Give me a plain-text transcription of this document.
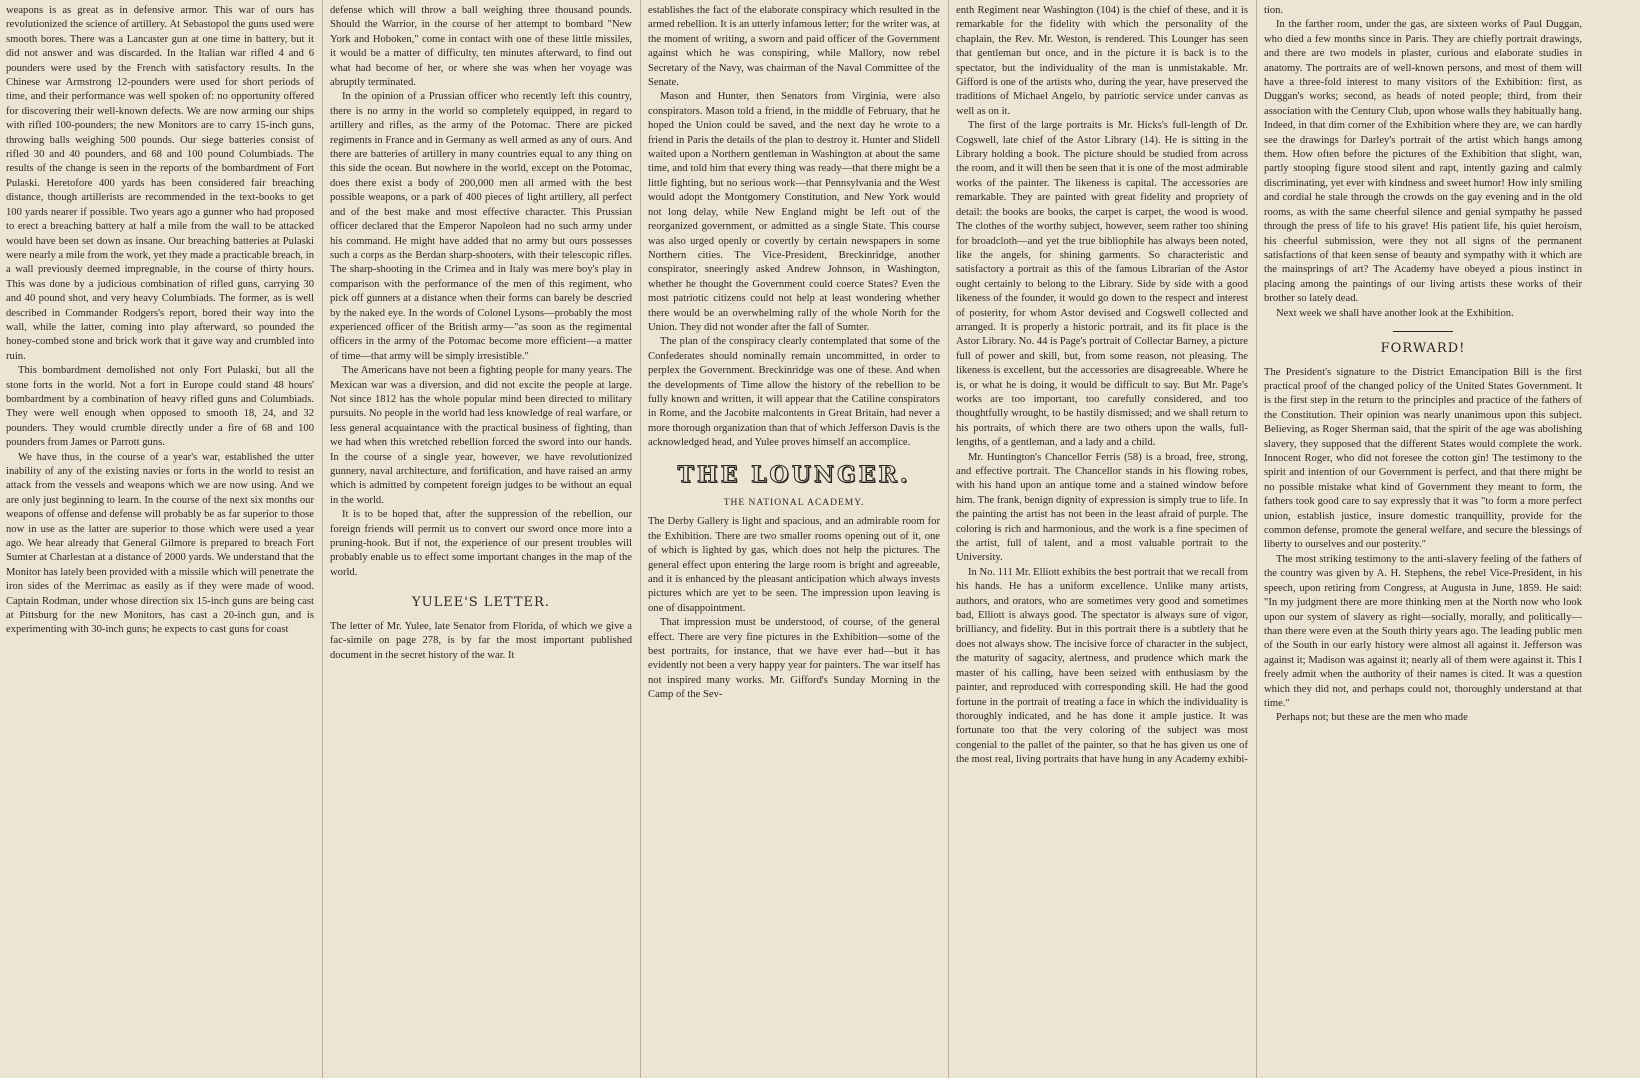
weapons is as great as in defensive armor. This war of ours has revolutionized the science of artillery. At Sebastopol the guns used were smooth bores. There was a Lancaster gun at one time in battery, but it did not answer and was discarded. In the Italian war rifled 4 and 6 pounders were used by the French with satisfactory results. In the Chinese war Armstrong 12-pounders were used for short periods of time, and their performance was well spoken of: no opportunity offered for discovering their well-known defects. We are now arming our ships with rifled 100-pounders; the new Monitors are to carry 15-inch guns, throwing balls weighing 500 pounds. Our siege batteries consist of rifled 30 and 40 pounders, and 68 and 100 pound Columbiads. The results of the change is seen in the reports of the bombardment of Fort Pulaski. Heretofore 400 yards has been considered fair breaching distance, though artillerists are recommended in the text-books to get 100 yards nearer if possible. Two years ago a gunner who had proposed to erect a breaching battery at half a mile from the wall to be attacked would have been set down as insane. Our breaching batteries at Pulaski were nearly a mile from the work, yet they made a practicable breach, in a wall previously deemed impregnable, in the course of thirty hours. This was done by a judicious combination of rifled guns, carrying 30 and 40 pound shot, and very heavy Columbiads. The former, as is well described in Commander Rodgers's report, bored their way into the wall, while the latter, coming into play afterward, so pounded the honey-combed stone and brick work that it gave way and crumbled into ruin.

This bombardment demolished not only Fort Pulaski, but all the stone forts in the world. Not a fort in Europe could stand 48 hours' bombardment by a combination of heavy rifled guns and Columbiads. They were well enough when opposed to smooth 18, 24, and 32 pounders. They would crumble directly under a fire of 68 and 100 pounders from James or Parrott guns.

We have thus, in the course of a year's war, established the utter inability of any of the existing navies or forts in the world to resist an attack from the vessels and weapons which we are now using. And we are only just beginning to learn. In the course of the next six months our weapons of offense and defense will probably be as far superior to those now in use as the latter are superior to those which were used a year ago. We hear already that General Gilmore is prepared to breach Fort Sumter at Charlestan at a distance of 2000 yards. We understand that the Monitor has lately been provided with a missile which will penetrate the iron sides of the Merrimac as easily as if they were made of wood. Captain Rodman, under whose direction six 15-inch guns are being cast at Pittsburg for the new Monitors, has cast a 20-inch gun, and is experimenting with 30-inch guns; he expects to cast guns for coast

defense which will throw a ball weighing three thousand pounds. Should the Warrior, in the course of her attempt to bombard "New York and Hoboken," come in contact with one of these little missiles, it would be a matter of difficulty, ten minutes afterward, to find out what had become of her, or where she was when her voyage was abruptly terminated.

In the opinion of a Prussian officer who recently left this country, there is no army in the world so completely equipped, in regard to artillery and rifles, as the army of the Potomac. There are picked regiments in France and in Germany as well armed as any of ours. And there are batteries of artillery in many countries equal to any thing on this side the ocean. But nowhere in the world, except on the Potomac, does there exist a body of 200,000 men all armed with the best possible weapons, or a park of 400 pieces of light artillery, all perfect and of the best make and most effective character. This Prussian officer declared that the Emperor Napoleon had no such army under his command. He might have added that no army but ours possesses such a corps as the Berdan sharp-shooters, with their telescopic rifles. The sharp-shooting in the Crimea and in Italy was mere boy's play in comparison with the performance of the men of this regiment, who pick off gunners at a distance when their forms can barely be descried by the naked eye. In the words of Colonel Lysons—probably the most experienced officer of the British army—"as soon as the regimental officers in the army of the Potomac become more efficient—a matter of time—that army will be simply irresistible."

The Americans have not been a fighting people for many years. The Mexican war was a diversion, and did not excite the people at large. Not since 1812 has the whole popular mind been directed to military pursuits. No people in the world had less knowledge of real warfare, or less general acquaintance with the practical business of fighting, than we had when this wretched rebellion forced the sword into our hands. In the course of a single year, however, we have revolutionized gunnery, naval architecture, and fortification, and have raised an army which is admitted by competent foreign judges to be without an equal in the world.

It is to be hoped that, after the suppression of the rebellion, our foreign friends will permit us to convert our sword once more into a pruning-hook. But if not, the experience of our present troubles will probably enable us to effect some important changes in the map of the world.

YULEE'S LETTER.

The letter of Mr. Yulee, late Senator from Florida, of which we give a fac-simile on page 278, is by far the most important published document in the secret history of the war. It

establishes the fact of the elaborate conspiracy which resulted in the armed rebellion. It is an utterly infamous letter; for the writer was, at the moment of writing, a sworn and paid officer of the Government against which he was conspiring, while Mallory, now rebel Secretary of the Navy, was chairman of the Naval Committee of the Senate.

Mason and Hunter, then Senators from Virginia, were also conspirators. Mason told a friend, in the middle of February, that he hoped the Union could be saved, and the next day he wrote to a friend in Paris the details of the plan to destroy it. Hunter and Slidell waited upon a Northern gentleman in Washington at about the same time, and told him that every thing was ready—that there might be a little fighting, but no serious work—that Pennsylvania and the West would adopt the Montgomery Constitution, and New York would not long delay, while New England might be left out of the reorganized government, or admitted as a single State. This course was also urged openly or covertly by certain newspapers in some Northern cities. The Vice-President, Breckinridge, another conspirator, sneeringly asked Andrew Johnson, in Washington, whether he thought the Government could coerce States? Even the most patriotic citizens could not help at least wondering whether there would be an overwhelming rally of the whole North for the Union. They did not wonder after the fall of Sumter.

The plan of the conspiracy clearly contemplated that some of the Confederates should nominally remain uncommitted, in order to perplex the Government. Breckinridge was one of these. And when the developments of Time allow the history of the rebellion to be fully known and written, it will appear that the Catiline conspirators in Rome, and the Jacobite malcontents in Great Britain, had never a more thorough organization than that of which Jefferson Davis is the acknowledged head, and Yulee proves himself an accomplice.

THE LOUNGER.
THE NATIONAL ACADEMY.

The Derby Gallery is light and spacious, and an admirable room for the Exhibition. There are two smaller rooms opening out of it, one of which is lighted by gas, which does not help the pictures. The general effect upon entering the large room is bright and agreeable, and it is enhanced by the pleasant anticipation which always invests pictures which are yet to be seen. The impression upon leaving is one of disappointment.

That impression must be understood, of course, of the general effect. There are very fine pictures in the Exhibition—some of the best portraits, for instance, that we have ever had—but it has evidently not been a very happy year for painters. The war itself has not inspired many works. Mr. Gifford's Sunday Morning in the Camp of the Sev-

enth Regiment near Washington (104) is the chief of these, and it is remarkable for the fidelity with which the personality of the chaplain, the Rev. Mr. Weston, is rendered. This Lounger has seen that gentleman but once, and in the picture it is back is to the spectator, but the individuality of the man is unmistakable. Mr. Gifford is one of the artists who, during the year, have preserved the traditions of Michael Angelo, by patriotic service under canvas as well as on it.

The first of the large portraits is Mr. Hicks's full-length of Dr. Cogswell, late chief of the Astor Library (14). He is sitting in the Library holding a book. The picture should be studied from across the room, and it will then be seen that it is one of the most admirable works of the painter. The likeness is capital. The accessories are remarkable. They are painted with great fidelity and propriety of detail: the books are books, the carpet is carpet, the wood is wood. The clothes of the worthy subject, however, seem rather too shining for broadcloth—and yet the true bibliophile has always been noted, like the angels, for shining garments. So characteristic and satisfactory a portrait as this of the famous Librarian of the Astor ought certainly to belong to the Library. Side by side with a good likeness of the founder, it would go down to the respect and interest of posterity, for whom Astor devised and Cogswell collected and arranged. It is properly a historic portrait, and its fit place is the Astor Library. No. 44 is Page's portrait of Collectar Barney, a picture full of power and skill, but, from some reason, not pleasing. The likeness is excellent, but the accessories are disagreeable. Where he is, or what he is doing, it would be difficult to say. But Mr. Page's works are too important, too carefully considered, and too thoughtfully wrought, to be hastily dismissed; and we shall return to his portraits, of which there are two others upon the walls, full-lengths, of a gentleman, and a lady and a child.

Mr. Huntington's Chancellor Ferris (58) is a broad, free, strong, and effective portrait. The Chancellor stands in his flowing robes, with his hand upon an antique tome and a stained window before him. The frank, benign dignity of expression is simply true to life. In the painting the artist has not been in the least afraid of purple. The coloring is rich and harmonious, and the work is a fine specimen of the artist, full of talent, and a most valuable portrait to the University.

In No. 111 Mr. Elliott exhibits the best portrait that we recall from his hands. He has a uniform excellence. Unlike many artists, authors, and orators, who are sometimes very good and sometimes bad, Elliott is always good. The spectator is always sure of vigor, brilliancy, and fidelity. But in this portrait there is a subtlety that he does not always show. The incisive force of character in the subject, the maturity of sagacity, alertness, and prudence which mark the master of his calling, have been seized with enthusiasm by the painter, and reproduced with corresponding skill. He had the good fortune in the portrait of treating a face in which the individuality is thoroughly indicated, and he has done it ample justice. It was fortunate too that the very coloring of the subject was most congenial to the pallet of the painter, so that he has given us one of the most real, living portraits that have hung in any Academy exhibi-

tion.

In the farther room, under the gas, are sixteen works of Paul Duggan, who died a few months since in Paris. They are chiefly portrait drawings, and there are two models in plaster, curious and elaborate studies in anatomy. The portraits are of well-known persons, and most of them will have a three-fold interest to many visitors of the Exhibition: first, as Duggan's works; second, as heads of noted people; third, from their association with the Century Club, upon whose walls they habitually hang. Indeed, in that dim corner of the Exhibition where they are, we can hardly see the drawings for Darley's portrait of the artist which hangs among them. How often before the pictures of the Exhibition that slight, wan, partly stooping figure stood silent and rapt, intently gazing and calmly discriminating, yet ever with kindness and sweet humor! How inly smiling and cordial he stale through the crowds on the gay evening and in the old rooms, as with the same cheerful silence and genial sympathy he passed through the press of life to his grave! His patient life, his quiet heroism, his cheerful submission, were they not all signs of the permanent satisfactions of that keen sense of beauty and sympathy with it which are the mainsprings of art? The Academy have obeyed a pious instinct in placing among the paintings of our living artists these works of their brother so lately dead.

Next week we shall have another look at the Exhibition.

FORWARD!

The President's signature to the District Emancipation Bill is the first practical proof of the changed policy of the United States Government. It is the first step in the return to the principles and practice of the fathers of the Constitution. Their opinion was nearly unanimous upon this subject. Believing, as Roger Sherman said, that the spirit of the age was abolishing slavery, they supposed that the different States would complete the work. Innocent Roger, who did not foresee the cotton gin! The testimony to the spirit and intention of our Government is perfect, and that there might be no possible mistake what kind of Government they meant to form, the fathers took good care to say expressly that it was "to form a more perfect union, establish justice, insure domestic tranquillity, provide for the common defense, promote the general welfare, and secure the blessings of liberty to ourselves and our posterity."

The most striking testimony to the anti-slavery feeling of the fathers of the country was given by A. H. Stephens, the rebel Vice-President, in his speech, upon retiring from Congress, at Augusta in June, 1859. He said: "In my judgment there are more thinking men at the North now who look upon our system of slavery as right—socially, morally, and politically—than there were even at the South thirty years ago. The leading public men of the South in our early history were almost all against it. Jefferson was against it; Madison was against it; nearly all of them were against it. This I freely admit when the authority of their names is cited. It was a question which they did not, and perhaps could not, thoroughly understand at that time."

Perhaps not; but these are the men who made
